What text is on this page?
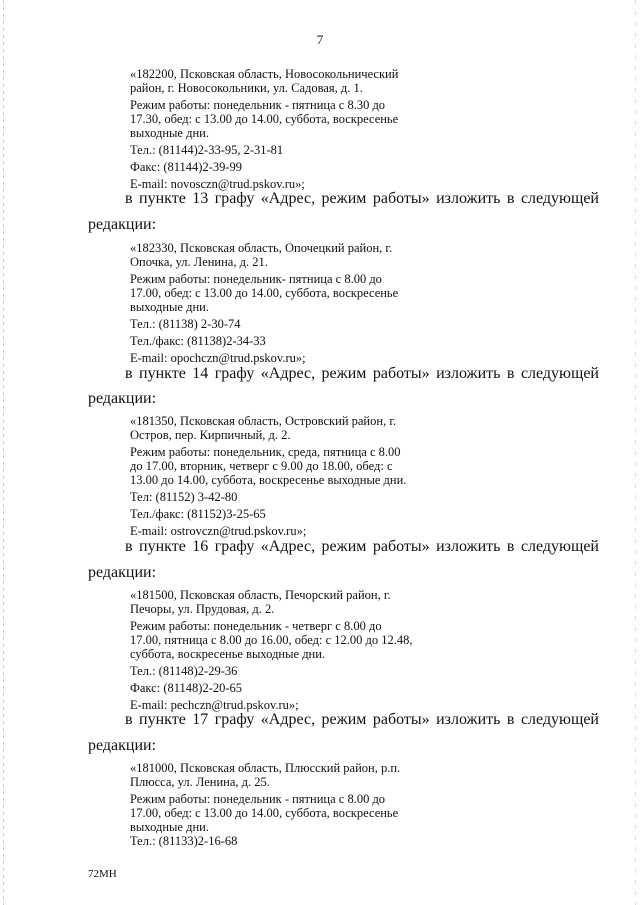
7
«182200, Псковская область, Новосокольнический
район, г. Новосокольники, ул. Садовая, д. 1.
Режим работы: понедельник - пятница с 8.30 до
17.30, обед: с 13.00 до 14.00, суббота, воскресенье
выходные дни.
Тел.: (81144)2-33-95, 2-31-81
Факс: (81144)2-39-99
E-mail: novosczn@trud.pskov.ru»;
в пункте 13 графу «Адрес, режим работы» изложить в следующей
редакции:
«182330, Псковская область, Опочецкий район, г.
Опочка, ул. Ленина, д. 21.
Режим работы: понедельник- пятница с 8.00 до
17.00, обед: с 13.00 до 14.00, суббота, воскресенье
выходные дни.
Тел.: (81138) 2-30-74
Тел./факс: (81138)2-34-33
E-mail: opochczn@trud.pskov.ru»;
в пункте 14 графу «Адрес, режим работы» изложить в следующей
редакции:
«181350, Псковская область, Островский район, г.
Остров, пер. Кирпичный, д. 2.
Режим работы: понедельник, среда, пятница с 8.00
до 17.00, вторник, четверг с 9.00 до 18.00, обед: с
13.00 до 14.00, суббота, воскресенье выходные дни.
Тел: (81152) 3-42-80
Тел./факс: (81152)3-25-65
E-mail: ostrovczn@trud.pskov.ru»;
в пункте 16 графу «Адрес, режим работы» изложить в следующей
редакции:
«181500, Псковская область, Печорский район, г.
Печоры, ул. Прудовая, д. 2.
Режим работы: понедельник - четверг с 8.00 до
17.00, пятница с 8.00 до 16.00, обед: с 12.00 до 12.48,
суббота, воскресенье выходные дни.
Тел.: (81148)2-29-36
Факс: (81148)2-20-65
E-mail: pechczn@trud.pskov.ru»;
в пункте 17 графу «Адрес, режим работы» изложить в следующей
редакции:
«181000, Псковская область, Плюсский район, р.п.
Плюсса, ул. Ленина, д. 25.
Режим работы: понедельник - пятница с 8.00 до
17.00, обед: с 13.00 до 14.00, суббота, воскресенье
выходные дни.
Тел.: (81133)2-16-68
72МН
